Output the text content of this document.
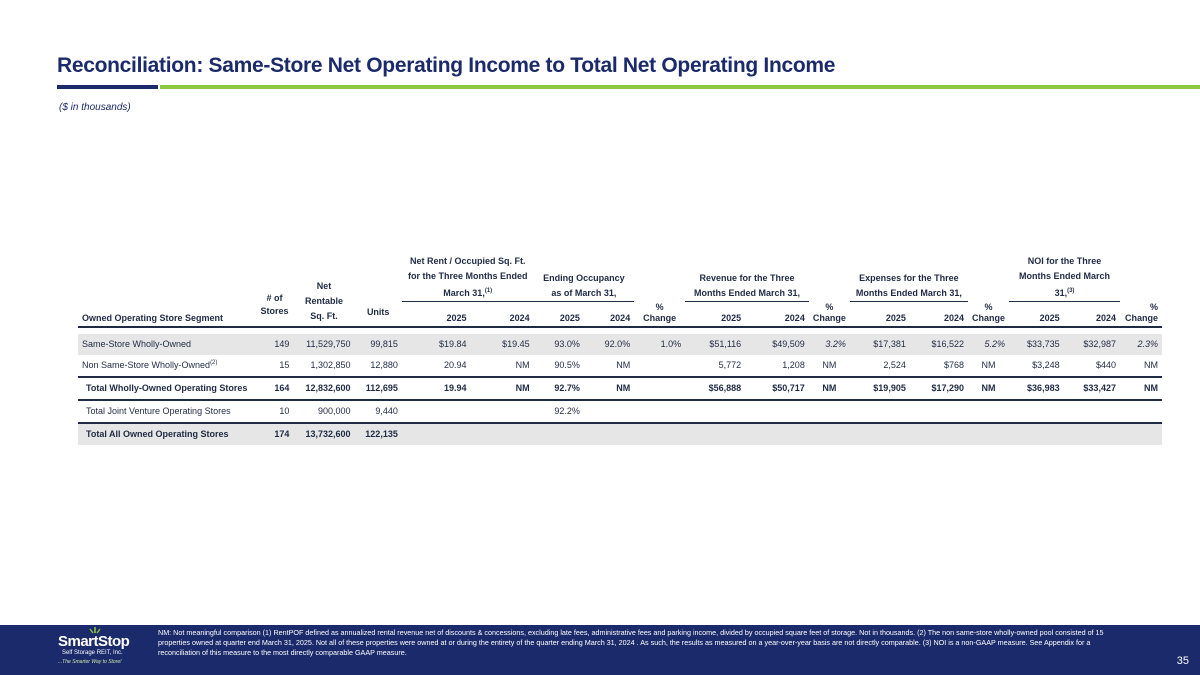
Reconciliation: Same-Store Net Operating Income to Total Net Operating Income
($ in thousands)
Owned Operating Store Segment	# of Stores	Net Rentable Sq. Ft.	Units	Net Rent / Occupied Sq. Ft. for the Three Months Ended March 31,$^{(1)}$		Ending Occupancy as of March 31,			Revenue for the Three Months Ended March 31,			Expenses for the Three Months Ended March 31,			NOI for the Three Months Ended March 31,$^{(3)}$	
				2025	2024	2025	2024	% Change	2025	2024	% Change	2025	2024	% Change	2025	2024	% Change

Same-Store Wholly-Owned	149	11,529,750	99,815	$19.84	$19.45	93.0%	92.0%	1.0%	$51,116	$49,509	3.2%	$17,381	$16,522	5.2%	$33,735	$32,987	2.3%
Non Same-Store Wholly-Owned$^{(2)}$	15	1,302,850	12,880	20.94	NM	90.5%	NM		5,772	1,208	NM	2,524	$768	NM	$3,248	$440	NM
Total Wholly-Owned Operating Stores	164	12,832,600	112,695	19.94	NM	92.7%	NM		$56,888	$50,717	NM	$19,905	$17,290	NM	$36,983	$33,427	NM
Total Joint Venture Operating Stores	10	900,000	9,440			92.2%											
Total All Owned Operating Stores	174	13,732,600	122,135														
SmartStop
Self Storage REIT, Inc.
...The Smarter Way to Store!
NM: Not meaningful comparison (1) RentPOF defined as annualized rental revenue net of discounts & concessions, excluding late fees, administrative fees and parking income, divided by occupied square feet of storage. Not in thousands. (2) The non same-store wholly-owned pool consisted of 15 properties owned at quarter end March 31, 2025. Not all of these properties were owned at or during the entirety of the quarter ending March 31, 2024 . As such, the results as measured on a year-over-year basis are not directly comparable. (3) NOI is a non-GAAP measure. See Appendix for a reconciliation of this measure to the most directly comparable GAAP measure.
35
